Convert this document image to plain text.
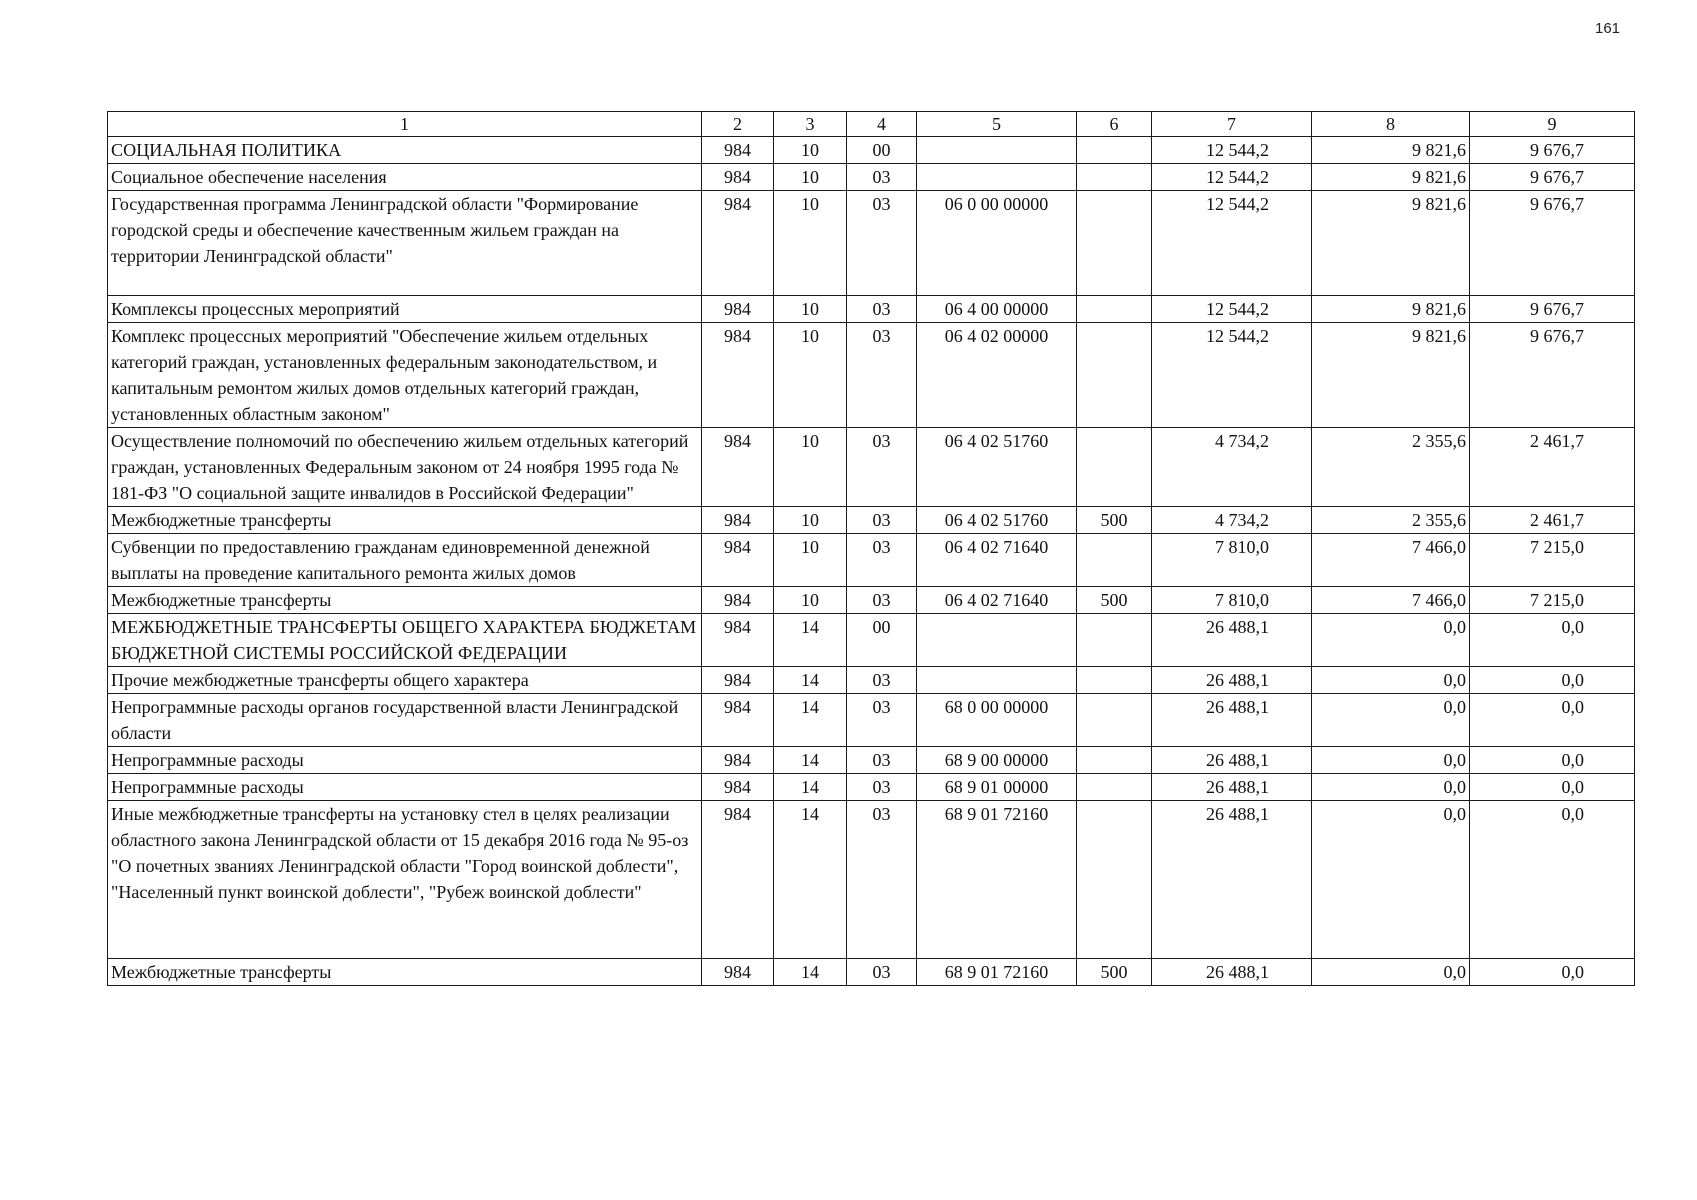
161
1	2	3	4	5	6	7	8	9
СОЦИАЛЬНАЯ ПОЛИТИКА	984	10	00			12 544,2	9 821,6	9 676,7
Социальное обеспечение населения	984	10	03			12 544,2	9 821,6	9 676,7
Государственная программа Ленинградской области "Формирование городской среды и обеспечение качественным жильем граждан на территории Ленинградской области"	984	10	03	06 0 00 00000		12 544,2	9 821,6	9 676,7
Комплексы процессных мероприятий	984	10	03	06 4 00 00000		12 544,2	9 821,6	9 676,7
Комплекс процессных мероприятий "Обеспечение жильем отдельных категорий граждан, установленных федеральным законодательством, и капитальным ремонтом жилых домов отдельных категорий граждан, установленных областным законом"	984	10	03	06 4 02 00000		12 544,2	9 821,6	9 676,7
Осуществление полномочий по обеспечению жильем отдельных категорий граждан, установленных Федеральным законом от 24 ноября 1995 года № 181-ФЗ "О социальной защите инвалидов в Российской Федерации"	984	10	03	06 4 02 51760		4 734,2	2 355,6	2 461,7
Межбюджетные трансферты	984	10	03	06 4 02 51760	500	4 734,2	2 355,6	2 461,7
Субвенции по предоставлению гражданам единовременной денежной выплаты на проведение капитального ремонта жилых домов	984	10	03	06 4 02 71640		7 810,0	7 466,0	7 215,0
Межбюджетные трансферты	984	10	03	06 4 02 71640	500	7 810,0	7 466,0	7 215,0
МЕЖБЮДЖЕТНЫЕ ТРАНСФЕРТЫ ОБЩЕГО ХАРАКТЕРА БЮДЖЕТАМ БЮДЖЕТНОЙ СИСТЕМЫ РОССИЙСКОЙ ФЕДЕРАЦИИ	984	14	00			26 488,1	0,0	0,0
Прочие межбюджетные трансферты общего характера	984	14	03			26 488,1	0,0	0,0
Непрограммные расходы органов государственной власти Ленинградской области	984	14	03	68 0 00 00000		26 488,1	0,0	0,0
Непрограммные расходы	984	14	03	68 9 00 00000		26 488,1	0,0	0,0
Непрограммные расходы	984	14	03	68 9 01 00000		26 488,1	0,0	0,0
Иные межбюджетные трансферты на установку стел в целях реализации областного закона Ленинградской области от 15 декабря 2016 года № 95-оз "О почетных званиях Ленинградской области "Город воинской доблести", "Населенный пункт воинской доблести", "Рубеж воинской доблести"	984	14	03	68 9 01 72160		26 488,1	0,0	0,0
Межбюджетные трансферты	984	14	03	68 9 01 72160	500	26 488,1	0,0	0,0
